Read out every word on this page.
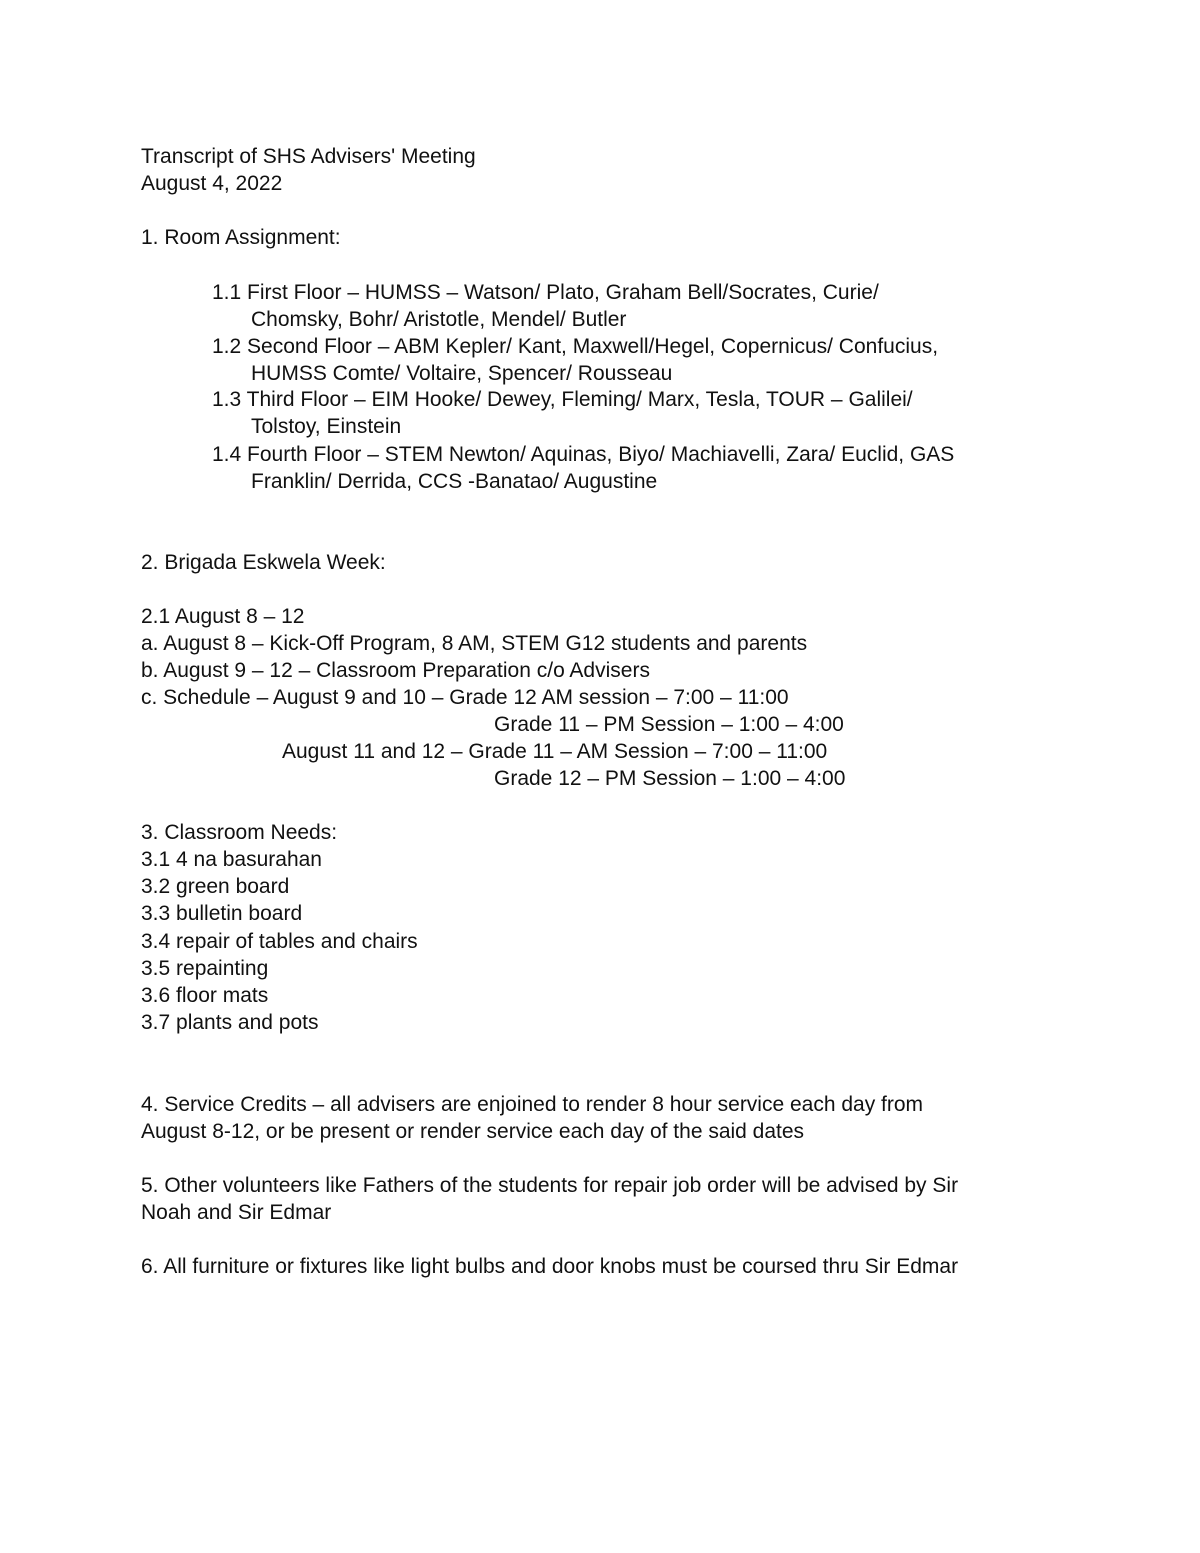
Transcript of SHS Advisers' Meeting
August 4, 2022
1. Room Assignment:
1.1 First Floor – HUMSS – Watson/ Plato, Graham Bell/Socrates, Curie/
Chomsky, Bohr/ Aristotle, Mendel/ Butler
1.2 Second Floor – ABM Kepler/ Kant, Maxwell/Hegel, Copernicus/ Confucius,
HUMSS Comte/ Voltaire, Spencer/ Rousseau
1.3 Third Floor – EIM Hooke/ Dewey, Fleming/ Marx, Tesla, TOUR – Galilei/
Tolstoy, Einstein
1.4 Fourth Floor – STEM Newton/ Aquinas, Biyo/ Machiavelli, Zara/ Euclid, GAS
Franklin/ Derrida, CCS -Banatao/ Augustine
2. Brigada Eskwela Week:
2.1 August 8 – 12
a. August 8 – Kick-Off Program, 8 AM, STEM G12 students and parents
b. August 9 – 12 – Classroom Preparation c/o Advisers
c. Schedule – August 9 and 10 – Grade 12 AM session – 7:00 – 11:00
Grade 11 – PM Session – 1:00 – 4:00
August 11 and 12 – Grade 11 – AM Session – 7:00 – 11:00
Grade 12 – PM Session – 1:00 – 4:00
3. Classroom Needs:
3.1 4 na basurahan
3.2 green board
3.3 bulletin board
3.4 repair of tables and chairs
3.5 repainting
3.6 floor mats
3.7 plants and pots
4. Service Credits – all advisers are enjoined to render 8 hour service each day from
August 8-12, or be present or render service each day of the said dates
5. Other volunteers like Fathers of the students for repair job order will be advised by Sir
Noah and Sir Edmar
6. All furniture or fixtures like light bulbs and door knobs must be coursed thru Sir Edmar
